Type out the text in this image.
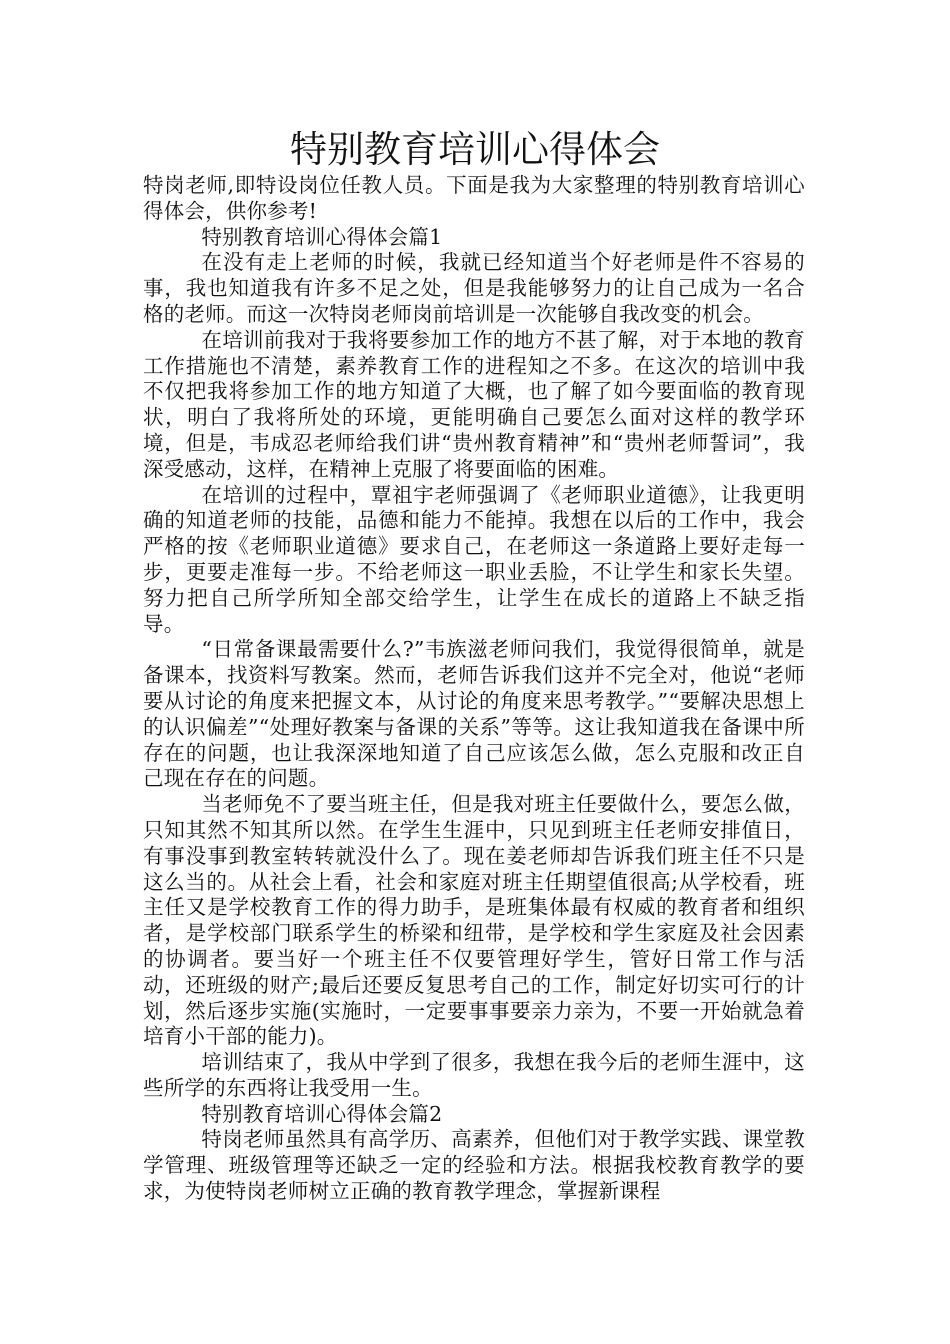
特别教育培训心得体会

特岗老师,即特设岗位任教人员。下面是我为大家整理的特别教育培训心得体会，供你参考!

特别教育培训心得体会篇1

在没有走上老师的时候，我就已经知道当个好老师是件不容易的事，我也知道我有许多不足之处，但是我能够努力的让自己成为一名合格的老师。而这一次特岗老师岗前培训是一次能够自我改变的机会。

在培训前我对于我将要参加工作的地方不甚了解，对于本地的教育工作措施也不清楚，素养教育工作的进程知之不多。在这次的培训中我不仅把我将参加工作的地方知道了大概，也了解了如今要面临的教育现状，明白了我将所处的环境，更能明确自己要怎么面对这样的教学环境，但是，韦成忍老师给我们讲“贵州教育精神”和“贵州老师誓词”，我深受感动，这样，在精神上克服了将要面临的困难。

在培训的过程中，覃祖宇老师强调了《老师职业道德》，让我更明确的知道老师的技能，品德和能力不能掉。我想在以后的工作中，我会严格的按《老师职业道德》要求自己，在老师这一条道路上要好走每一步，更要走准每一步。不给老师这一职业丢脸，不让学生和家长失望。努力把自己所学所知全部交给学生，让学生在成长的道路上不缺乏指导。

“日常备课最需要什么?”韦族滋老师问我们，我觉得很简单，就是备课本，找资料写教案。然而，老师告诉我们这并不完全对，他说“老师要从讨论的角度来把握文本，从讨论的角度来思考教学。”“要解决思想上的认识偏差”“处理好教案与备课的关系”等等。这让我知道我在备课中所存在的问题，也让我深深地知道了自己应该怎么做，怎么克服和改正自己现在存在的问题。

当老师免不了要当班主任，但是我对班主任要做什么，要怎么做，只知其然不知其所以然。在学生生涯中，只见到班主任老师安排值日，有事没事到教室转转就没什么了。现在姜老师却告诉我们班主任不只是这么当的。从社会上看，社会和家庭对班主任期望值很高;从学校看，班主任又是学校教育工作的得力助手，是班集体最有权威的教育者和组织者，是学校部门联系学生的桥梁和纽带，是学校和学生家庭及社会因素的协调者。要当好一个班主任不仅要管理好学生，管好日常工作与活动，还班级的财产;最后还要反复思考自己的工作，制定好切实可行的计划，然后逐步实施(实施时，一定要事事要亲力亲为，不要一开始就急着培育小干部的能力)。

培训结束了，我从中学到了很多，我想在我今后的老师生涯中，这些所学的东西将让我受用一生。

特别教育培训心得体会篇2

特岗老师虽然具有高学历、高素养，但他们对于教学实践、课堂教学管理、班级管理等还缺乏一定的经验和方法。根据我校教育教学的要求，为使特岗老师树立正确的教育教学理念，掌握新课程
